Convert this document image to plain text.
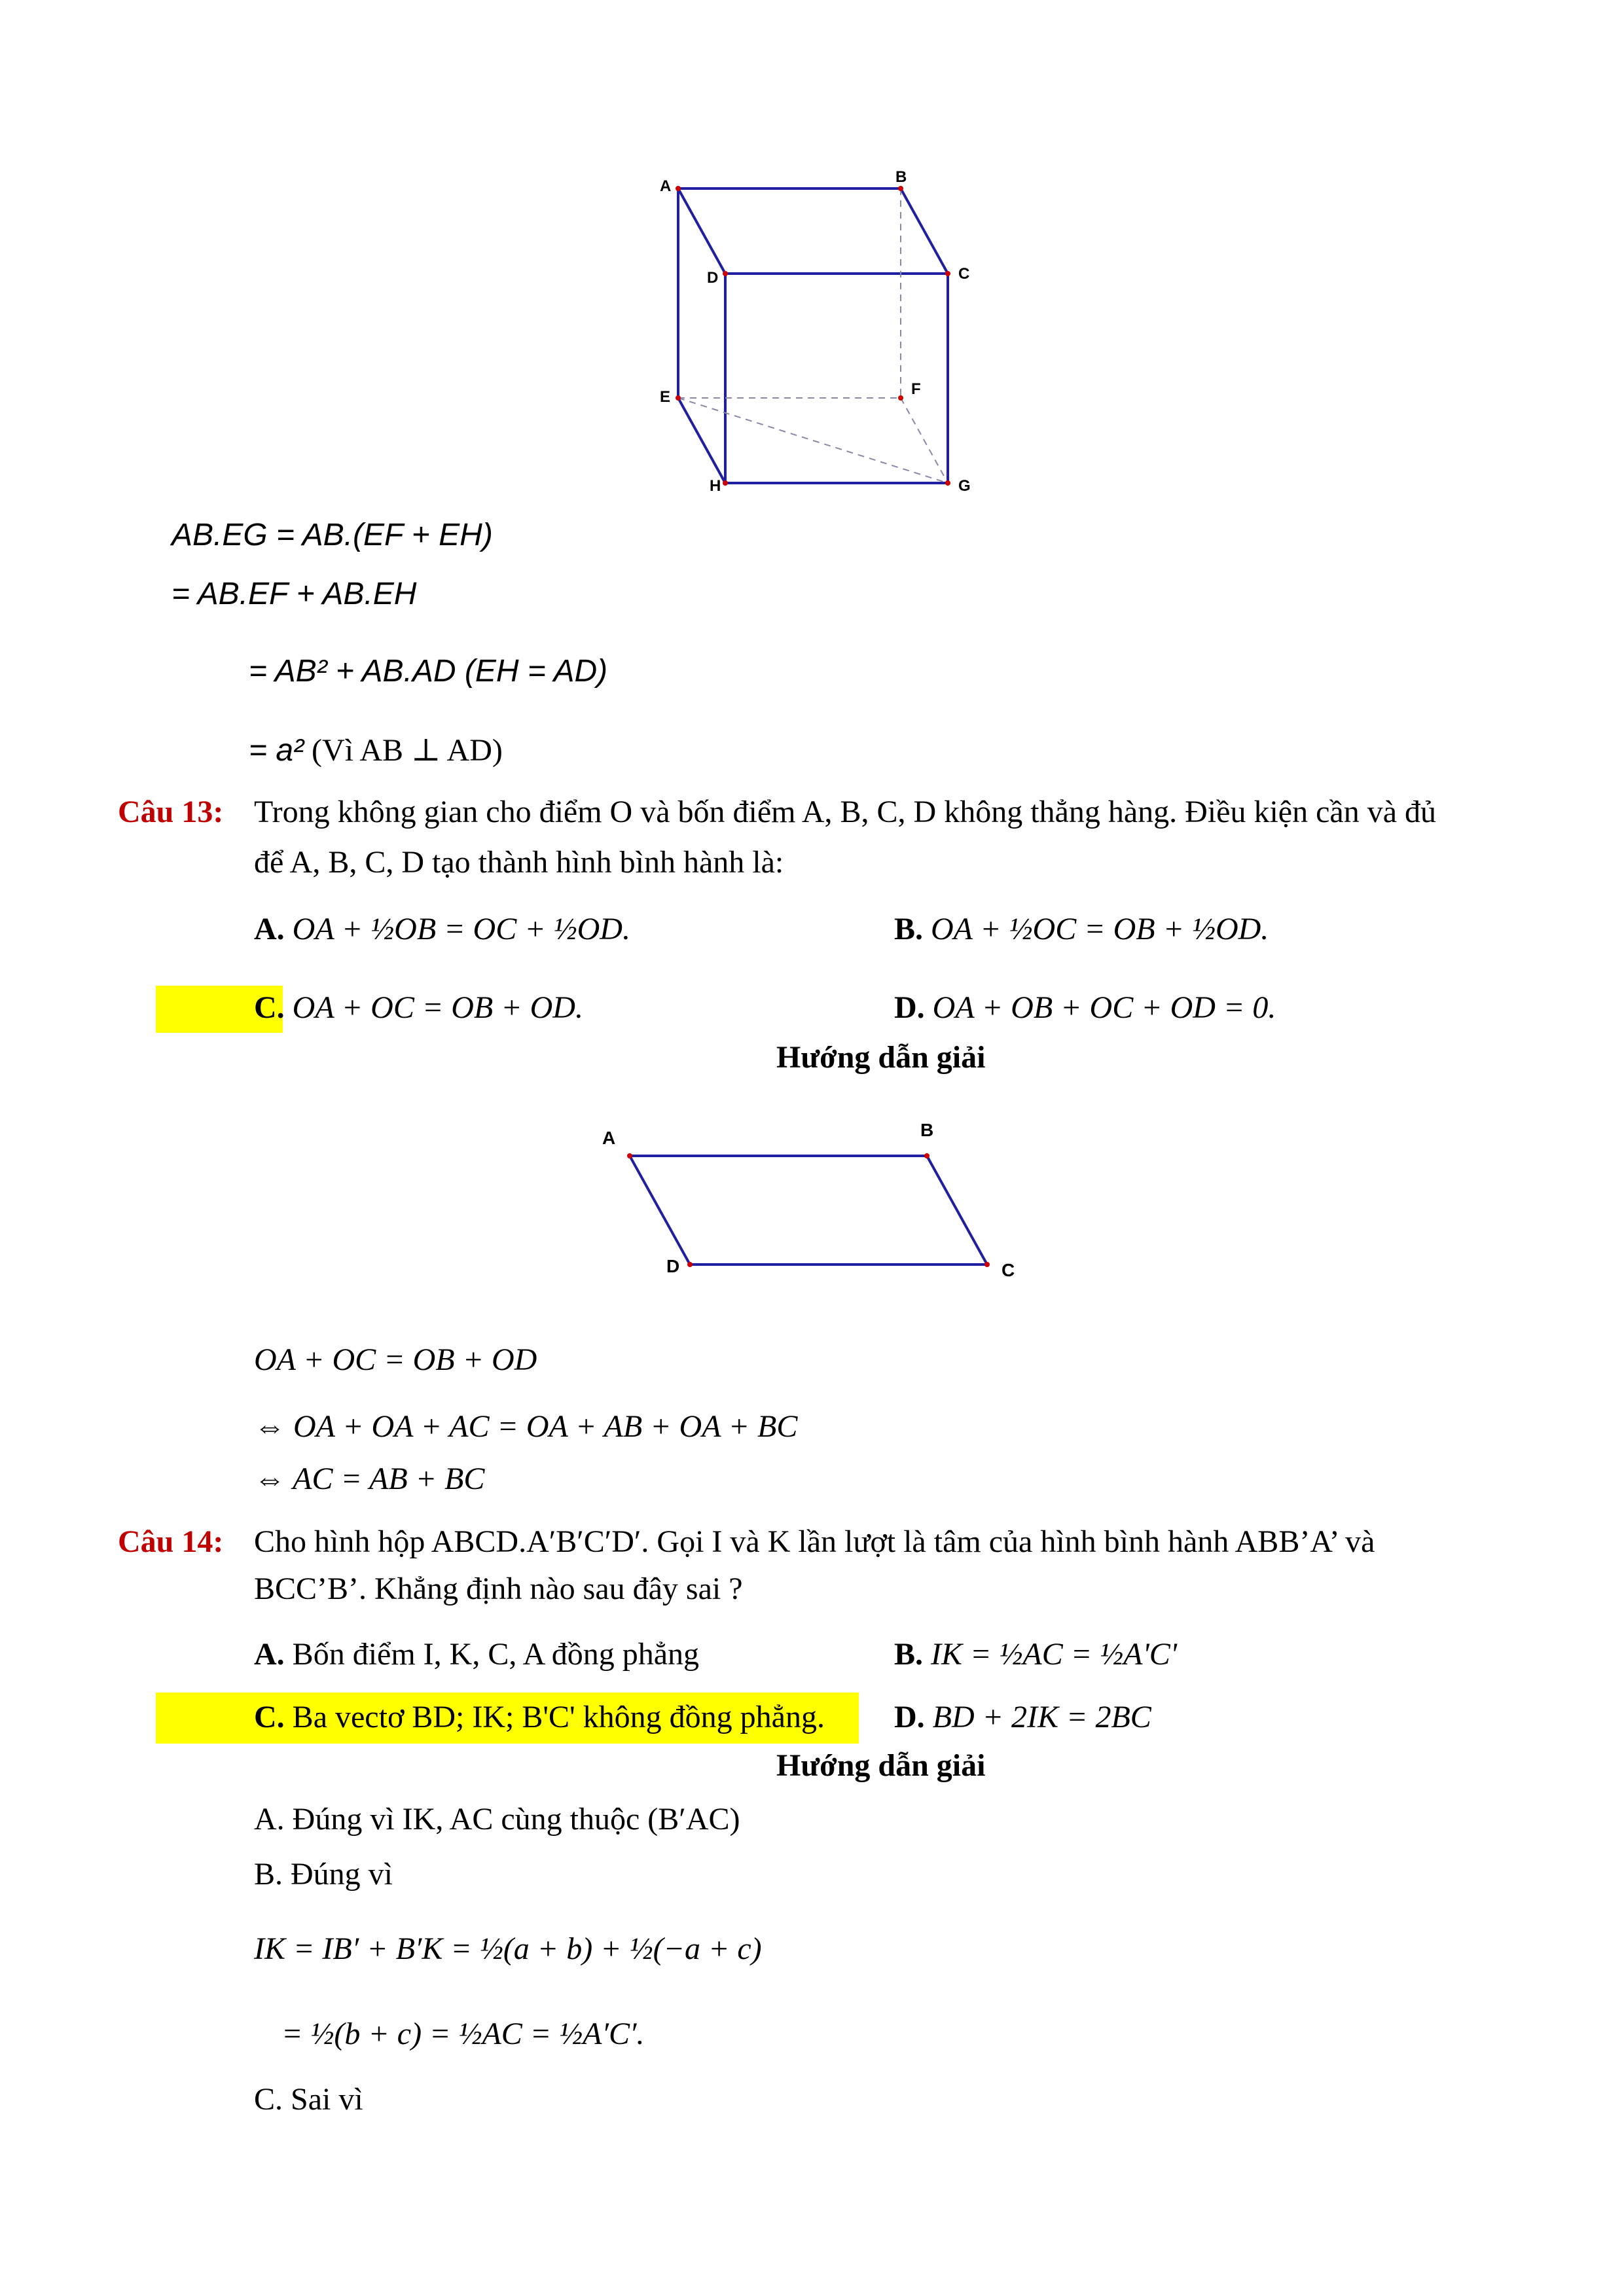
A
B
C
D
E	F
G
H
AB.EG = AB.(EF + EH)
= AB.EF + AB.EH
= AB² + AB.AD (EH = AD)
= a² (Vì AB ⊥ AD)
Câu 13: Trong không gian cho điểm O và bốn điểm A, B, C, D không thẳng hàng. Điều kiện cần và đủ
để A, B, C, D tạo thành hình bình hành là:
A. OA + ½OB = OC + ½OD.	B. OA + ½OC = OB + ½OD.
C. OA + OC = OB + OD.	D. OA + OB + OC + OD = 0.
Hướng dẫn giải
A	B
C
D
OA + OC = OB + OD
⇔ OA + OA + AC = OA + AB + OA + BC
⇔ AC = AB + BC
Câu 14: Cho hình hộp ABCD.A′B′C′D′. Gọi I và K lần lượt là tâm của hình bình hành ABB’A’ và
BCC’B’. Khẳng định nào sau đây sai ?
A. Bốn điểm I, K, C, A đồng phẳng	B. IK = ½AC = ½A'C'
C. Ba vectơ BD; IK; B'C' không đồng phẳng. D. BD + 2IK = 2BC
Hướng dẫn giải
A. Đúng vì IK, AC cùng thuộc (B′AC)
B. Đúng vì
IK = IB′ + B′K = ½(a + b) + ½(−a + c)
= ½(b + c) = ½AC = ½A′C′.
C. Sai vì
